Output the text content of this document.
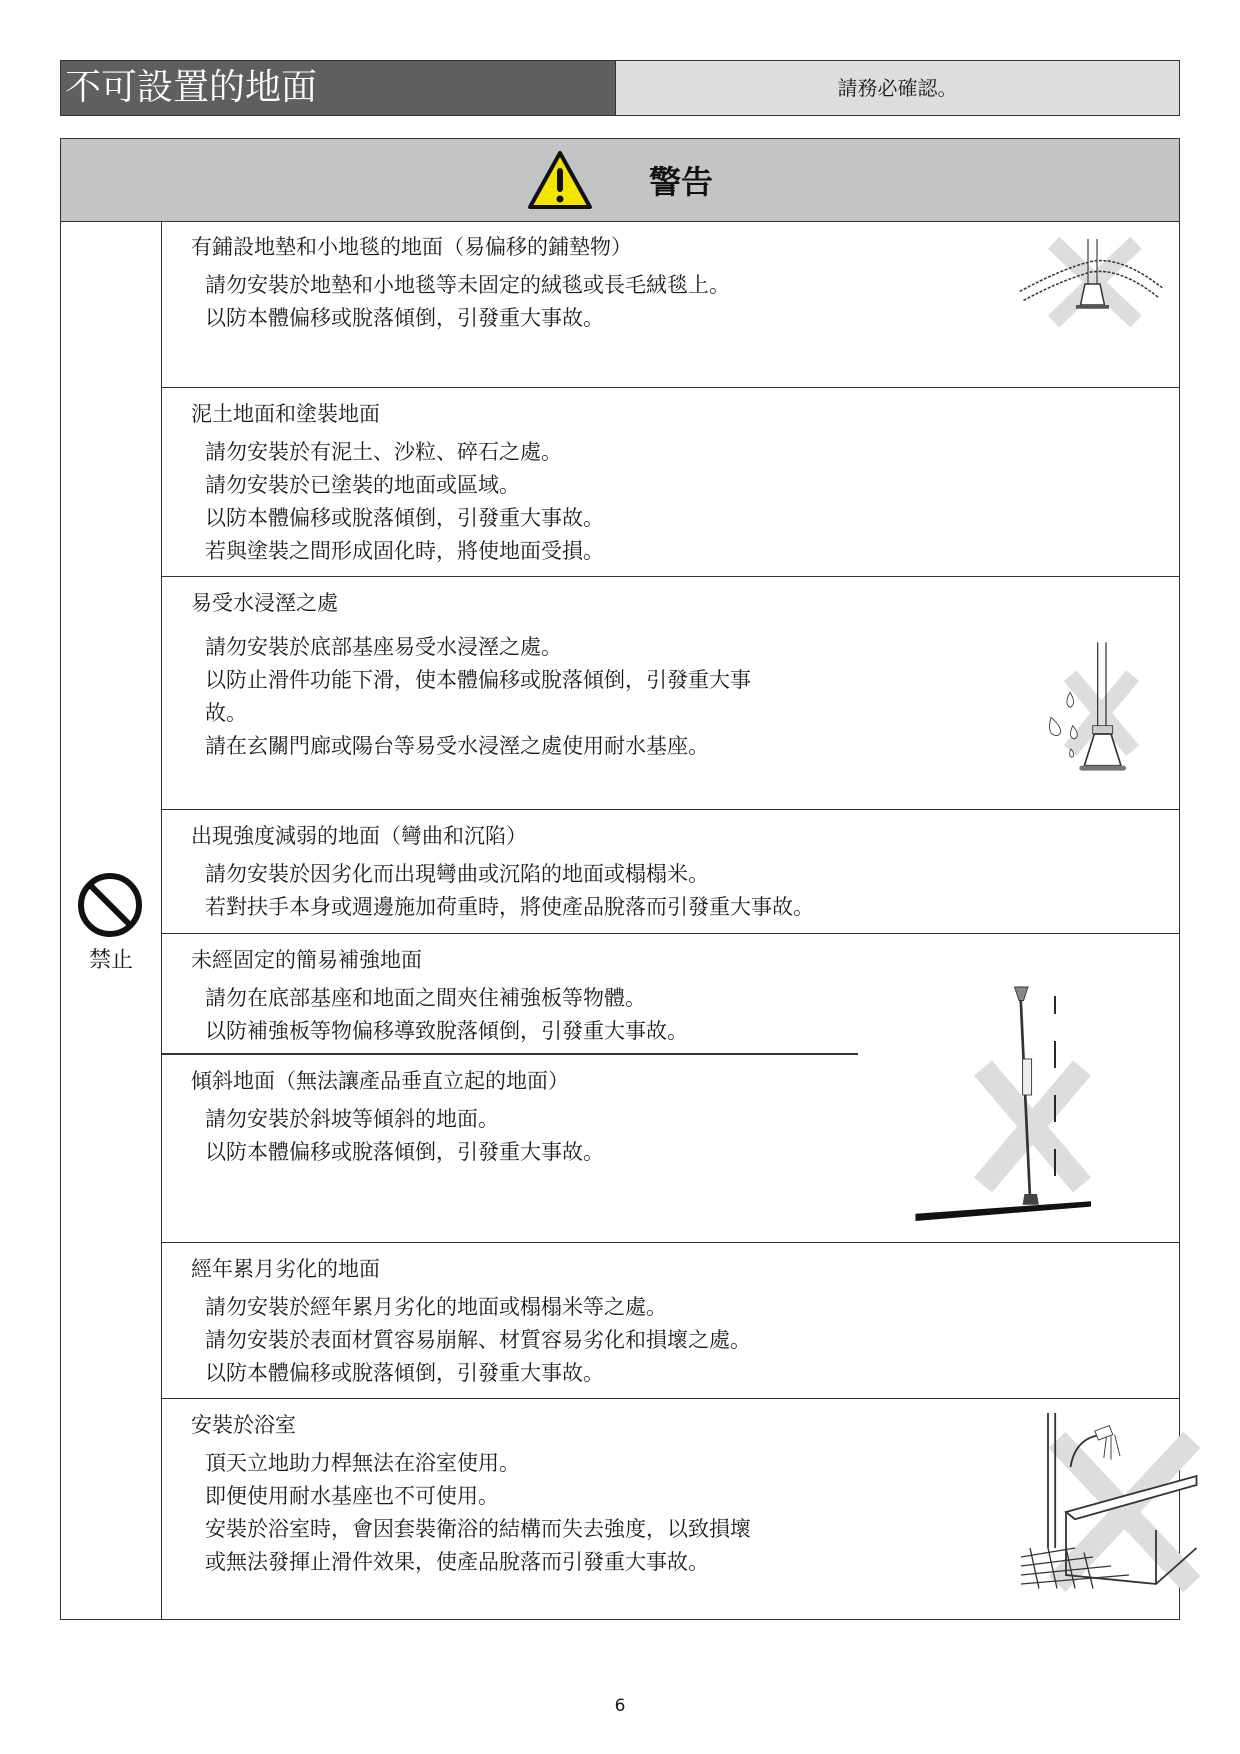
不可設置的地面	請務必確認。
警告
禁止
有鋪設地墊和小地毯的地面（易偏移的鋪墊物）

請勿安裝於地墊和小地毯等未固定的絨毯或長毛絨毯上。

以防本體偏移或脫落傾倒，引發重大事故。

泥土地面和塗裝地面

請勿安裝於有泥土、沙粒、碎石之處。

請勿安裝於已塗裝的地面或區域。

以防本體偏移或脫落傾倒，引發重大事故。

若與塗裝之間形成固化時，將使地面受損。

易受水浸溼之處

請勿安裝於底部基座易受水浸溼之處。

以防止滑件功能下滑，使本體偏移或脫落傾倒，引發重大事

故。

請在玄關門廊或陽台等易受水浸溼之處使用耐水基座。

出現強度減弱的地面（彎曲和沉陷）

請勿安裝於因劣化而出現彎曲或沉陷的地面或榻榻米。

若對扶手本身或週邊施加荷重時，將使產品脫落而引發重大事故。

未經固定的簡易補強地面

請勿在底部基座和地面之間夾住補強板等物體。

以防補強板等物偏移導致脫落傾倒，引發重大事故。

傾斜地面（無法讓產品垂直立起的地面）

請勿安裝於斜坡等傾斜的地面。

以防本體偏移或脫落傾倒，引發重大事故。

經年累月劣化的地面

請勿安裝於經年累月劣化的地面或榻榻米等之處。

請勿安裝於表面材質容易崩解、材質容易劣化和損壞之處。

以防本體偏移或脫落傾倒，引發重大事故。

安裝於浴室

頂天立地助力桿無法在浴室使用。

即便使用耐水基座也不可使用。

安裝於浴室時，會因套裝衛浴的結構而失去強度，以致損壞

或無法發揮止滑件效果，使產品脫落而引發重大事故。

6
